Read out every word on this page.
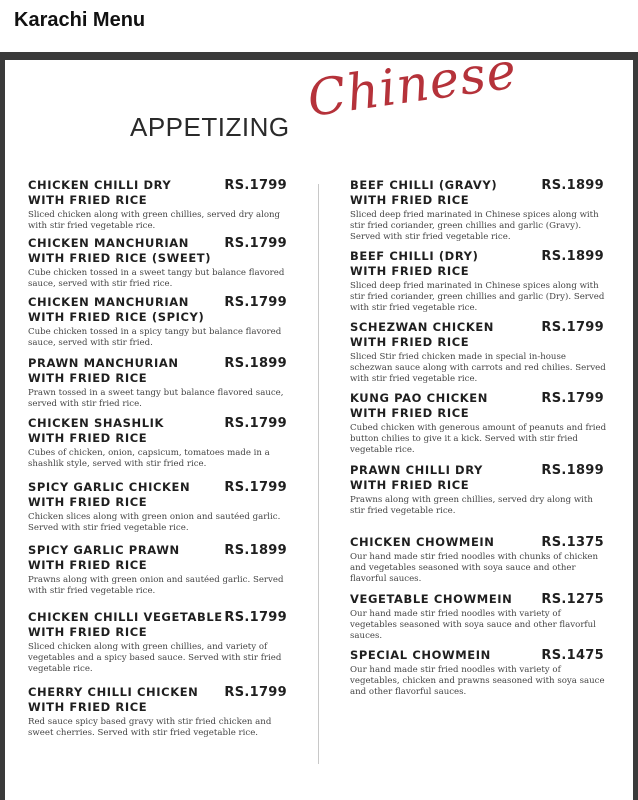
Karachi Menu
APPETIZING Chinese
CHICKEN CHILLI DRY
WITH FRIED RICE
RS.1799
Sliced chicken along with green chillies, served dry along with stir fried vegetable rice.
CHICKEN MANCHURIAN
WITH FRIED RICE (SWEET)
RS.1799
Cube chicken tossed in a sweet tangy but balance flavored sauce, served with stir fried rice.
CHICKEN MANCHURIAN
WITH FRIED RICE (SPICY)
RS.1799
Cube chicken tossed in a spicy tangy but balance flavored sauce, served with stir fried.
PRAWN MANCHURIAN
WITH FRIED RICE
RS.1899
Prawn tossed in a sweet tangy but balance flavored sauce, served with stir fried rice.
CHICKEN SHASHLIK
WITH FRIED RICE
RS.1799
Cubes of chicken, onion, capsicum, tomatoes made in a shashlik style, served with stir fried rice.
SPICY GARLIC CHICKEN
WITH FRIED RICE
RS.1799
Chicken slices along with green onion and sautéed garlic. Served with stir fried vegetable rice.
SPICY GARLIC PRAWN
WITH FRIED RICE
RS.1899
Prawns along with green onion and sautéed garlic. Served with stir fried vegetable rice.
CHICKEN CHILLI VEGETABLE
WITH FRIED RICE
RS.1799
Sliced chicken along with green chillies, and variety of vegetables and a spicy based sauce. Served with stir fried vegetable rice.
CHERRY CHILLI CHICKEN
WITH FRIED RICE
RS.1799
Red sauce spicy based gravy with stir fried chicken and sweet cherries. Served with stir fried vegetable rice.
BEEF CHILLI (GRAVY)
WITH FRIED RICE
RS.1899
Sliced deep fried marinated in Chinese spices along with stir fried coriander, green chillies and garlic (Gravy). Served with stir fried vegetable rice.
BEEF CHILLI (DRY)
WITH FRIED RICE
RS.1899
Sliced deep fried marinated in Chinese spices along with stir fried coriander, green chillies and garlic (Dry). Served with stir fried vegetable rice.
SCHEZWAN CHICKEN
WITH FRIED RICE
RS.1799
Sliced Stir fried chicken made in special in-house schezwan sauce along with carrots and red chilies. Served with stir fried vegetable rice.
KUNG PAO CHICKEN
WITH FRIED RICE
RS.1799
Cubed chicken with generous amount of peanuts and fried button chilies to give it a kick. Served with stir fried vegetable rice.
PRAWN CHILLI DRY
WITH FRIED RICE
RS.1899
Prawns along with green chillies, served dry along with stir fried vegetable rice.
CHICKEN CHOWMEIN	RS.1375
Our hand made stir fried noodles with chunks of chicken and vegetables seasoned with soya sauce and other flavorful sauces.
VEGETABLE CHOWMEIN	RS.1275
Our hand made stir fried noodles with variety of vegetables seasoned with soya sauce and other flavorful sauces.
SPECIAL CHOWMEIN	RS.1475
Our hand made stir fried noodles with variety of vegetables, chicken and prawns seasoned with soya sauce and other flavorful sauces.
